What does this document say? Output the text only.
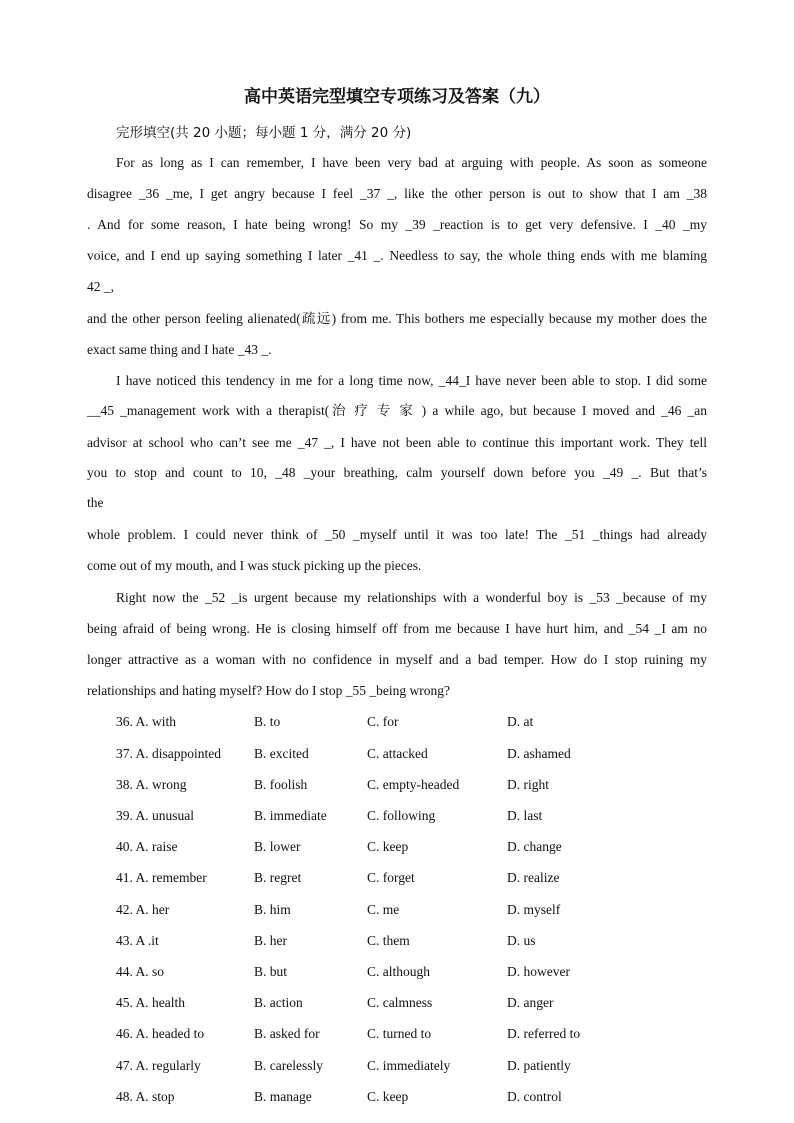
高中英语完型填空专项练习及答案（九）
完形填空(共 20 小题；每小题 1 分，满分 20 分)
For as long as I can remember, I have been very bad at arguing with people. As soon as someone
disagree _36 _me, I get angry because I feel _37 _, like the other person is out to show that I am _38
. And for some reason, I hate being wrong! So my _39 _reaction is to get very defensive. I _40 _my
voice, and I end up saying something I later _41 _. Needless to say, the whole thing ends with me blaming
42 _,
and the other person feeling alienated(疏远) from me. This bothers me especially because my mother does the
exact same thing and I hate _43 _.
I have noticed this tendency in me for a long time now, _44_I have never been able to stop. I did some
__45 _management work with a therapist(治 疗 专 家 ) a while ago, but because I moved and _46 _an
advisor at school who can’t see me _47 _, I have not been able to continue this important work. They tell
you to stop and count to 10, _48 _your breathing, calm yourself down before you _49 _. But that’s
the
whole problem. I could never think of _50 _myself until it was too late! The _51 _things had already
come out of my mouth, and I was stuck picking up the pieces.
Right now the _52 _is urgent because my relationships with a wonderful boy is _53 _because of my
being afraid of being wrong. He is closing himself off from me because I have hurt him, and _54 _I am no
longer attractive as a woman with no confidence in myself and a bad temper. How do I stop ruining my
relationships and hating myself? How do I stop _55 _being wrong?
36. A. with	B. to	C. for	D. at
37. A. disappointed B. excited	C. attacked	D. ashamed
38. A. wrong	B. foolish	C. empty-headed	D. right
39. A. unusual	B. immediate	C. following	D. last
40. A. raise	B. lower	C. keep	D. change
41. A. remember	B. regret	C. forget	D. realize
42. A. her	B. him	C. me	D. myself
43. A .it	B. her	C. them	D. us
44. A. so	B. but	C. although	D. however
45. A. health	B. action	C. calmness	D. anger
46. A. headed to	B. asked for	C. turned to	D. referred to
47. A. regularly	B. carelessly	C. immediately	D. patiently
48. A. stop	B. manage	C. keep	D. control
